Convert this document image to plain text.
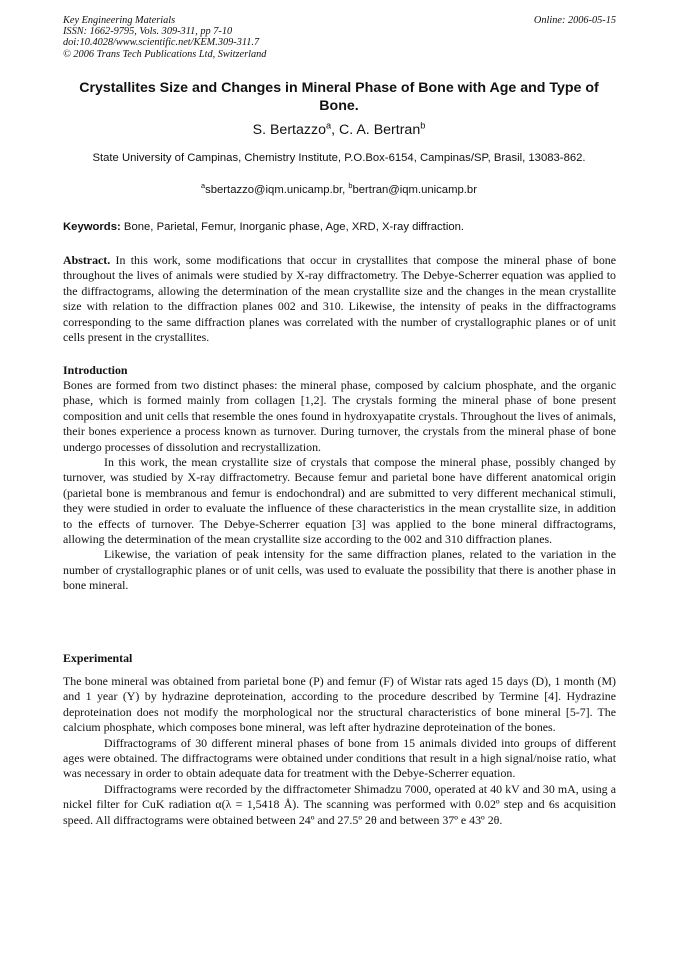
Key Engineering Materials
ISSN: 1662-9795, Vols. 309-311, pp 7-10
doi:10.4028/www.scientific.net/KEM.309-311.7
© 2006 Trans Tech Publications Ltd, Switzerland
Online: 2006-05-15
Crystallites Size and Changes in Mineral Phase of Bone with Age and Type of Bone.
S. Bertazzo$^a$, C. A. Bertran$^b$
State University of Campinas, Chemistry Institute, P.O.Box-6154, Campinas/SP, Brasil, 13083-862.
$^a$sbertazzo@iqm.unicamp.br, $^b$bertran@iqm.unicamp.br
Keywords: Bone, Parietal, Femur, Inorganic phase, Age, XRD, X-ray diffraction.
Abstract. In this work, some modifications that occur in crystallites that compose the mineral phase of bone throughout the lives of animals were studied by X-ray diffractometry. The Debye-Scherrer equation was applied to the diffractograms, allowing the determination of the mean crystallite size and the changes in the mean crystallite size with relation to the diffraction planes 002 and 310. Likewise, the intensity of peaks in the diffractograms corresponding to the same diffraction planes was correlated with the number of crystallographic planes or of unit cells present in the crystallites.
Introduction

Bones are formed from two distinct phases: the mineral phase, composed by calcium phosphate, and the organic phase, which is formed mainly from collagen [1,2]. The crystals forming the mineral phase of bone present composition and unit cells that resemble the ones found in hydroxyapatite crystals. Throughout the lives of animals, their bones experience a process known as turnover. During turnover, the crystals from the mineral phase of bone undergo processes of dissolution and recrystallization.

In this work, the mean crystallite size of crystals that compose the mineral phase, possibly changed by turnover, was studied by X-ray diffractometry. Because femur and parietal bone have different anatomical origin (parietal bone is membranous and femur is endochondral) and are submitted to very different mechanical stimuli, they were studied in order to evaluate the influence of these characteristics in the mean crystallite size, in addition to the effects of turnover. The Debye-Scherrer equation [3] was applied to the bone mineral diffractograms, allowing the determination of the mean crystallite size according to the 002 and 310 diffraction planes.

Likewise, the variation of peak intensity for the same diffraction planes, related to the variation in the number of crystallographic planes or of unit cells, was used to evaluate the possibility that there is another phase in bone mineral.

Experimental

The bone mineral was obtained from parietal bone (P) and femur (F) of Wistar rats aged 15 days (D), 1 month (M) and 1 year (Y) by hydrazine deproteination, according to the procedure described by Termine [4]. Hydrazine deproteination does not modify the morphological nor the structural characteristics of bone mineral [5-7]. The calcium phosphate, which composes bone mineral, was left after hydrazine deproteination of the bones.

Diffractograms of 30 different mineral phases of bone from 15 animals divided into groups of different ages were obtained. The diffractograms were obtained under conditions that result in a high signal/noise ratio, what was necessary in order to obtain adequate data for treatment with the Debye-Scherrer equation.

Diffractograms were recorded by the diffractometer Shimadzu 7000, operated at 40 kV and 30 mA, using a nickel filter for CuK radiation α(λ = 1,5418 Å). The scanning was performed with 0.02º step and 6s acquisition speed. All diffractograms were obtained between 24º and 27.5º 2θ and between 37º e 43º 2θ.
